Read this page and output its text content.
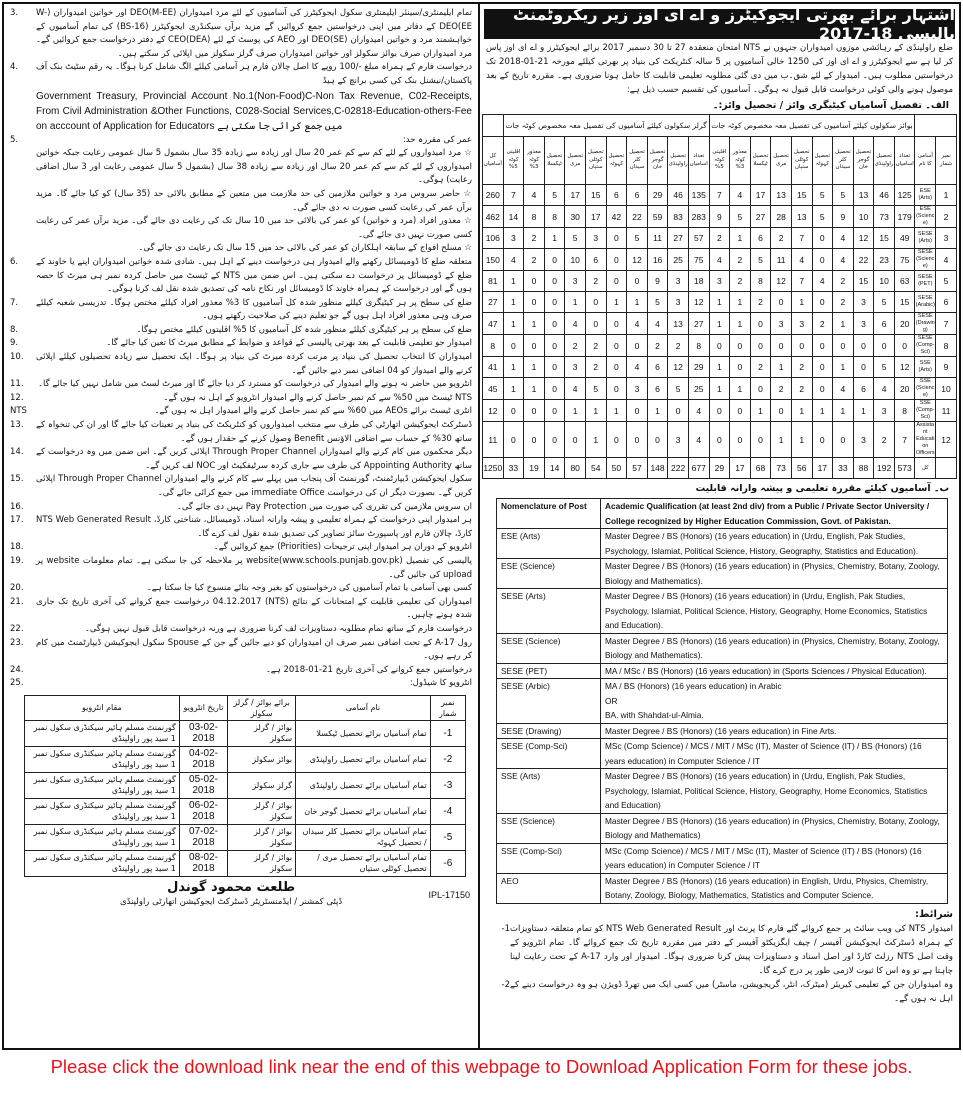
3.	تمام ایلیمنٹری/سینئر ایلیمنٹری سکول ایجوکیٹرز کی آسامیوں کے لئے مرد امیدواران (M-EE)DEO اور خواتین امیدواران (W-EE)DEO کے دفاتر میں اپنی درخواستیں جمع کروائیں گے مزید برآں سیکنڈری ایجوکیٹرز (BS-16) کی تمام آسامیوں کے خواہشمند مرد و خواتین امیدواران (SE)DEO اور AEO کی پوسٹ کے لئے CEO(DEA) کے دفتر درخواست جمع کروائیں گے۔ مرد امیدواران صرف بوائز سکولز اور خواتین امیدواران صرف گرلز سکولز میں اپلائی کر سکتے ہیں۔
4.	درخواست فارم کے ہمراہ مبلغ -/100 روپے کا اصل چالان فارم ہر آسامی کیلئے الگ شامل کرنا ہوگا۔ یہ رقم سٹیٹ بنک آف پاکستان/نیشنل بنک کی کسی برانچ کے ہیڈ
Government Treasury, Provincial Account No.1(Non-Food)C-Non Tax Revenue, C02-Receipts, From Civil Administration &Other Functions, C028-Social Services,C-02818-Education-others-Fee on acccount of Application for Educators میں جمع کرائی جا سکتی ہے
5.	عمر کی مقررہ حد:
☆ مرد امیدواروں کے لئے کم سے کم عمر 20 سال اور زیادہ سے زیادہ 35 سال بشمول 5 سال عمومی رعایت جبکہ خواتین امیدواروں کے لئے کم سے کم عمر 20 سال اور زیادہ سے زیادہ 38 سال (بشمول 5 سال عمومی رعایت اور 3 سال اضافی رعایت) ہوگی۔
☆ حاضر سروس مرد و خواتین ملازمین کی حد ملازمت میں متعین کے مطابق بالائی حد (35 سال) کو کیا جائے گا۔ مزید برآں عمر کی رعایت کسی صورت نہ دی جائے گی۔
☆ معذور افراد (مرد و خواتین) کو عمر کی بالائی حد میں 10 سال تک کی رعایت دی جائے گی۔ مزید برآں عمر کی رعایت کسی صورت نہیں دی جائے گی۔
☆ مسلح افواج کے سابقہ اہلکاران کو عمر کی بالائی حد میں 15 سال تک رعایت دی جائے گی۔
6.	متعلقہ ضلع کا ڈومیسائل رکھنے والے امیدوار ہی درخواست دینے کے اہل ہیں۔ شادی شدہ خواتین امیدواران اپنے یا خاوند کے ضلع کے ڈومیسائل پر درخواست دے سکتی ہیں۔ اس ضمن میں NTS کے ٹیسٹ میں حاصل کردہ نمبر ہی میرٹ کا حصہ ہوں گے اور درخواست کے ہمراہ خاوند کا ڈومیسائل اور نکاح نامہ کی تصدیق شدہ نقل لف کرنا ہوگی۔
7.	ضلع کی سطح پر ہر کیٹیگری کیلئے منظور شدہ کل آسامیوں کا 3% معذور افراد کیلئے مختص ہوگا۔ تدریسی شعبہ کیلئے صرف وہی معذور افراد اہل ہوں گے جو تعلیم دینے کی صلاحیت رکھتے ہوں۔
8.	ضلع کی سطح پر ہر کیٹیگری کیلئے منظور شدہ کل آسامیوں کا 5% اقلیتوں کیلئے مختص ہوگا۔
9.	امیدوار جو تعلیمی قابلیت کے بعد بھرتی پالیسی کے قواعد و ضوابط کے مطابق میرٹ کا تعین کیا جائے گا۔
10.	امیدواران کا انتخاب تحصیل کی بنیاد پر مرتب کردہ میرٹ کی بنیاد پر ہوگا۔ ایک تحصیل سے زیادہ تحصیلوں کیلئے اپلائی کرنے والے امیدوار کو 04 اضافی نمبر دیے جائیں گے۔
11.	انٹرویو میں حاضر نہ ہونے والے امیدوار کی درخواست کو مسترد کر دیا جائے گا اور میرٹ لسٹ میں شامل نہیں کیا جائے گا۔
12.	NTS ٹیسٹ میں 50% سے کم نمبر حاصل کرنے والے امیدوار انٹرویو کے اہل نہ ہوں گے۔
NTS	انٹری ٹیسٹ برائے AEOs میں 60% سے کم نمبر حاصل کرنے والے امیدوار اہل نہ ہوں گے۔
13.	ڈسٹرکٹ ایجوکیشن اتھارٹی کی طرف سے منتخب امیدواروں کو کنٹریکٹ کی بنیاد پر تعینات کیا جائے گا اور ان کی تنخواہ کے ساتھ 30% کے حساب سے اضافی الاؤنس Benefit وصول کرنے کے حقدار ہوں گے۔
14.	دیگر محکموں میں کام کرنے والے امیدواران Through Proper Channel اپلائی کریں گے۔ اس ضمن میں وہ درخواست کے ساتھ Appointing Authority کی طرف سے جاری کردہ سرٹیفکیٹ اور NOC لف کریں گے۔
15.	سکول ایجوکیشن ڈیپارٹمنٹ، گورنمنٹ آف پنجاب میں پہلے سے کام کرنے والے امیدواران Through Proper Channel اپلائی کریں گے۔ بصورت دیگر ان کی درخواست immediate Office میں جمع کرائی جائے گی۔
16.	ان سروس ملازمین کی تقرری کی صورت میں Pay Protection نہیں دی جائے گی۔
17.	ہر امیدوار اپنی درخواست کے ہمراہ تعلیمی و پیشہ وارانہ اسناد، ڈومیسائل، شناختی کارڈ، NTS Web Generated Result کارڈ، چالان فارم اور پاسپورٹ سائز تصاویر کی تصدیق شدہ نقول لف کرے گا۔
18.	انٹرویو کے دوران ہر امیدوار اپنی ترجیحات (Priorities) جمع کروائیں گے۔
19.	پالیسی کی تفصیل (www.schools.punjab.gov.pk)website پر ملاحظہ کی جا سکتی ہے۔ تمام معلومات website پر upload کی جائیں گی۔
20.	کسی بھی آسامی یا تمام آسامیوں کی درخواستوں کو بغیر وجہ بتائے منسوخ کیا جا سکتا ہے۔
21.	امیدواران کی تعلیمی قابلیت کے امتحانات کے نتائج (NTS) 04.12.2017 درخواست جمع کروانے کی آخری تاریخ تک جاری شدہ ہونے چاہیں۔
22.	درخواست فارم کے ساتھ تمام مطلوبہ دستاویزات لف کرنا ضروری ہے ورنہ درخواست قابل قبول نہیں ہوگی۔
23.	رول A-17 کے تحت اضافی نمبر صرف ان امیدواران کو دیے جائیں گے جن کے Spouse سکول ایجوکیشن ڈیپارٹمنٹ میں کام کر رہے ہوں۔
24.	درخواستیں جمع کروانے کی آخری تاریخ 21-01-2018 ہے۔
25.	انٹرویو کا شیڈول:
مقام انٹرویو	تاریخ انٹرویو	برائے بوائز / گرلز سکولز	نام آسامی	نمبر شمار
گورنمنٹ مسلم ہائیر سیکنڈری سکول نمبر 1 سید پور راولپنڈی	03-02-2018	بوائز / گرلز سکولز	تمام آسامیاں برائے تحصیل ٹیکسلا	-1
گورنمنٹ مسلم ہائیر سیکنڈری سکول نمبر 1 سید پور راولپنڈی	04-02-2018	بوائز سکولز	تمام آسامیاں برائے تحصیل راولپنڈی	-2
گورنمنٹ مسلم ہائیر سیکنڈری سکول نمبر 1 سید پور راولپنڈی	05-02-2018	گرلز سکولز	تمام آسامیاں برائے تحصیل راولپنڈی	-3
گورنمنٹ مسلم ہائیر سیکنڈری سکول نمبر 1 سید پور راولپنڈی	06-02-2018	بوائز / گرلز سکولز	تمام آسامیاں برائے تحصیل گوجر خان	-4
گورنمنٹ مسلم ہائیر سیکنڈری سکول نمبر 1 سید پور راولپنڈی	07-02-2018	بوائز / گرلز سکولز	تمام آسامیاں برائے تحصیل کلر سیداں / تحصیل کہوٹہ	-5
گورنمنٹ مسلم ہائیر سیکنڈری سکول نمبر 1 سید پور راولپنڈی	08-02-2018	بوائز / گرلز سکولز	تمام آسامیاں برائے تحصیل مری / تحصیل کوٹلی ستیاں	-6
طلعت محمود گوندل
ڈپٹی کمشنر / ایڈمنسٹریٹر ڈسٹرکٹ ایجوکیشن اتھارٹی راولپنڈی
IPL-17150
اشتہار برائے بھرتی ایجوکیٹرز و اے ای اوز زیر ریکروٹمنٹ پالیسی 18-2017
ضلع راولپنڈی کے رہائشی موزوں امیدواران جنہوں نے NTS امتحان منعقدہ 27 تا 30 دسمبر 2017 برائے ایجوکیٹرز و اے ای اوز پاس کر لیا ہے سے ایجوکیٹرز و اے ای اوز کی 1250 خالی آسامیوں پر 5 سالہ کنٹریکٹ کی بنیاد پر بھرتی کیلئے مورخہ 21-01-2018 تک درخواستیں مطلوب ہیں۔ امیدوار کے لئے شق۔ب میں دی گئی مطلوبہ تعلیمی قابلیت کا حامل ہونا ضروری ہے۔ مقررہ تاریخ کے بعد موصول ہونے والی کوئی درخواست قابل قبول نہ ہوگی۔ آسامیوں کی تقسیم حسب ذیل ہے:
الف۔ تفصیل آسامیاں کیٹیگری وائز / تحصیل وائز:۔
	گرلز سکولوں کیلئے آسامیوں کی تفصیل معہ مخصوص کوٹہ جات										بوائز سکولوں کیلئے آسامیوں کی تفصیل معہ مخصوص کوٹہ جات											
کل آسامیاں	اقلیتی کوٹہ 5%	معذور کوٹہ 3%	تحصیل ٹیکسلا	تحصیل مری	تحصیل کوٹلی ستیاں	تحصیل کہوٹہ	تحصیل کلر سیداں	تحصیل گوجر خان	تحصیل راولپنڈی	تعداد اسامیاں	اقلیتی کوٹہ 5%	معذور کوٹہ 3%	تحصیل ٹیکسلا	تحصیل مری	تحصیل کوٹلی ستیاں	تحصیل کہوٹہ	تحصیل کلر سیداں	تحصیل گوجر خان	تحصیل راولپنڈی	تعداد اسامیاں	آسامی کا نام	نمبر شمار
260	7	4	5	17	15	6	6	29	46	135	7	4	17	13	15	5	5	13	46	125	ESE (Arts)	1
462	14	8	8	30	17	42	22	59	83	283	9	5	27	28	13	5	9	10	73	179	ESE (Science)	2
106	3	2	1	5	3	0	5	11	27	57	2	1	6	2	7	0	4	12	15	49	SESE (Arts)	3
150	4	2	0	10	6	0	12	16	25	75	4	2	5	11	4	0	4	22	23	75	SESE (Science)	4
81	1	0	0	3	2	0	0	9	3	18	3	2	8	12	7	4	2	15	10	63	SESE (PET)	5
27	1	0	0	1	0	1	1	5	3	12	1	1	2	0	1	0	2	3	5	15	SESE (Arabic)	6
47	1	1	0	4	0	0	4	4	13	27	1	1	0	3	3	2	1	3	6	20	SESE (Drawing)	7
8	0	0	0	2	2	0	0	2	2	8	0	0	0	0	0	0	0	0	0	0	SESE (Comp-Sci)	8
41	1	1	0	3	2	0	4	6	12	29	1	0	2	1	2	0	1	0	5	12	SSE (Arts)	9
45	1	1	0	4	5	0	3	6	5	25	1	1	0	2	2	0	4	6	4	20	SSE (Science)	10
12	0	0	0	1	1	1	0	1	0	4	0	0	1	0	1	1	1	1	3	8	SSE (Comp-Sci)	11
11	0	0	0	0	1	0	0	0	3	4	0	0	0	1	1	0	0	3	2	7	Assistant Education Officers	12
1250	33	19	14	80	54	50	57	148	222	677	29	17	68	73	56	17	33	88	192	573	کل	
ب۔ آسامیوں کیلئے مقررہ تعلیمی و پیشہ وارانہ قابلیت
Nomenclature of Post	Academic Qualification (at least 2nd div) from a Public / Private Sector University / College recognized by Higher Education Commission, Govt. of Pakistan.
ESE (Arts)	Master Degree / BS (Honors) (16 years education) in (Urdu, English, Pak Studies, Psychology, Islamiat, Political Science, History, Geography, Statistics and Education).
ESE (Science)	Master Degree / BS (Honors) (16 years education) in (Physics, Chemistry, Botany, Zoology, Biology and Mathematics).
SESE (Arts)	Master Degree / BS (Honors) (16 years education) in (Urdu, English, Pak Studies, Psychology, Islamiat, Political Science, History, Geography, Home Economics, Statistics and Education).
SESE (Science)	Master Degree / BS (Honors) (16 years education) in (Physics, Chemistry, Botany, Zoology, Biology and Mathematics).
SESE (PET)	MA / MSc / BS (Honors) (16 years education) in (Sports Sciences / Physical Education).
SESE (Arbic)	MA / BS (Honors) (16 years education) in Arabic
OR
BA. with Shahdat-ul-Almia.
SESE (Drawing)	Master Degree / BS (Honors) (16 years education) in Fine Arts.
SESE (Comp-Sci)	MSc (Comp Science) / MCS / MIT / MSc (IT), Master of Science (IT) / BS (Honors) (16 years education) in Computer Science / IT
SSE (Arts)	Master Degree / BS (Honors) (16 years education) in (Urdu, English, Pak Studies, Psychology, Islamiat, Political Science, History, Geography, Home Economics, Statistics and Education)
SSE (Science)	Master Degree / BS (Honors) (16 years education) in (Physics, Chemistry, Botany, Zoology, Biology and Mathematics)
SSE (Comp-Sci)	MSc (Comp Science) / MCS / MIT / MSc (IT), Master of Science (IT) / BS (Honors) (16 years education) in Computer Science / IT
AEO	Master Degree / BS (Honors) (16 years education) in English, Urdu, Physics, Chemistry, Botany, Zoology, Biology, Mathematics, Statistics and Computer Science.
شرائط:
امیدوار NTS کی ویب سائٹ پر جمع کروائے گئے فارم کا پرنٹ اور NTS Web Generated Result کو تمام متعلقہ دستاویزات کے ہمراہ ڈسٹرکٹ ایجوکیشن آفیسر / چیف ایگزیکٹو آفیسر کے دفتر میں مقررہ تاریخ تک جمع کروائے گا۔ تمام انٹرویو کے وقت اصل NTS رزلٹ کارڈ اور اصل اسناد و دستاویزات پیش کرنا ضروری ہوگا۔ امیدوار اور وارد A-17 کے تحت رعایت لینا چاہتا ہے تو وہ اس کا ثبوت لازمی طور پر درج کرے گا۔
-1
وہ امیدواران جن کے تعلیمی کیریئر (میٹرک، انٹر، گریجویشن، ماسٹر) میں کسی ایک میں تھرڈ ڈویژن ہو وہ درخواست دینے کے اہل نہ ہوں گے۔
-2
Please click the download link near the end of this webpage to Download Application Form for these jobs.
